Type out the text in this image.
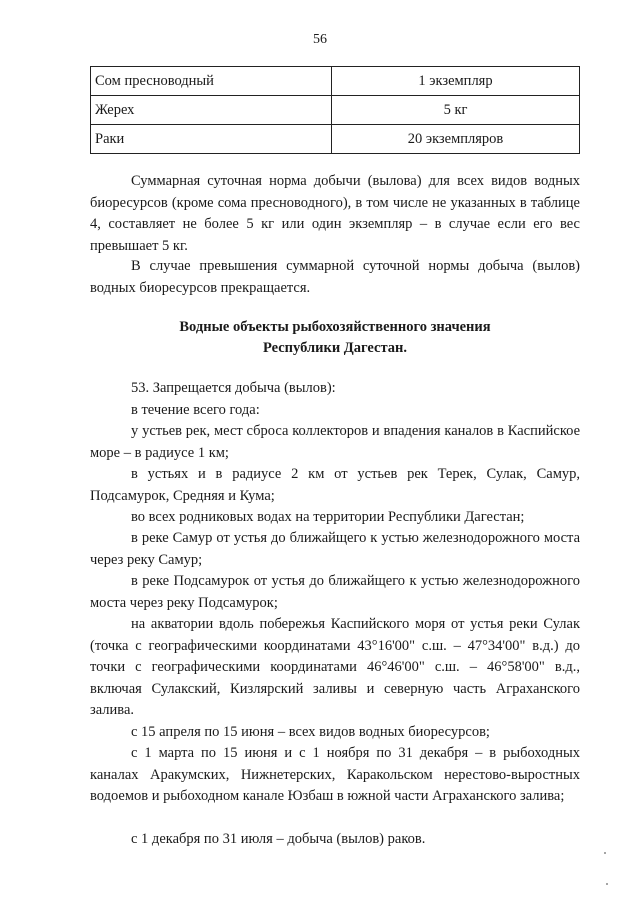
56
Сом пресноводный	1 экземпляр
Жерех	5 кг
Раки	20 экземпляров

Суммарная суточная норма добычи (вылова) для всех видов водных биоресурсов (кроме сома пресноводного), в том числе не указанных в таблице 4, составляет не более 5 кг или один экземпляр – в случае если его вес превышает 5 кг.

В случае превышения суммарной суточной нормы добыча (вылов) водных биоресурсов прекращается.

Водные объекты рыбохозяйственного значения
Республики Дагестан.

53. Запрещается добыча (вылов):

в течение всего года:

у устьев рек, мест сброса коллекторов и впадения каналов в Каспийское море – в радиусе 1 км;

в устьях и в радиусе 2 км от устьев рек Терек, Сулак, Самур, Подсамурок, Средняя и Кума;

во всех родниковых водах на территории Республики Дагестан;

в реке Самур от устья до ближайщего к устью железнодорожного моста через реку Самур;

в реке Подсамурок от устья до ближайщего к устью железнодорожного моста через реку Подсамурок;

на акватории вдоль побережья Каспийского моря от устья реки Сулак (точка с географическими координатами 43°16'00" с.ш. – 47°34'00" в.д.) до точки с географическими координатами 46°46'00" с.ш. – 46°58'00" в.д., включая Сулакский, Кизлярский заливы и северную часть Аграханского залива.

с 15 апреля по 15 июня – всех видов водных биоресурсов;

с 1 марта по 15 июня и с 1 ноября по 31 декабря – в рыбоходных каналах Аракумских, Нижнетерских, Каракольском нерестово-выростных водоемов и рыбоходном канале Юзбаш в южной части Аграханского залива;

с 1 декабря по 31 июля – добыча (вылов) раков.
